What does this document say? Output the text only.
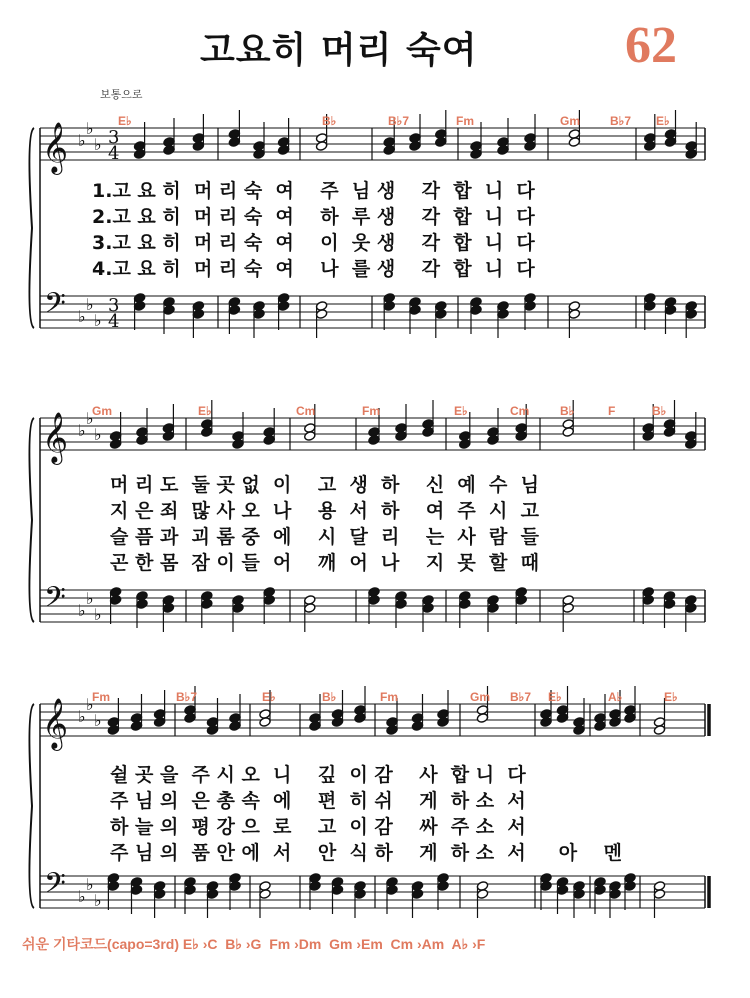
고요히 머리 숙여	62
보통으로
𝄞
𝄢
♭
♭
♭
♭
♭
♭
3
4
3
4
𝄞
𝄢
♭
♭
♭
♭
♭
♭
𝄞
𝄢
♭
♭
♭
♭
♭
♭
1.고 요 히  머 리 숙  여    주  님 생    각  합  니  다
2.고 요 히  머 리 숙  여    하  루 생    각  합  니  다
3.고 요 히  머 리 숙  여    이  웃 생    각  합  니  다
4.고 요 히  머 리 숙  여    나  를 생    각  합  니  다
머 리 도  둘 곳 없  이    고  생  하    신  예  수  님
지 은 죄  많 사 오  나    용  서  하    여  주  시  고
슬 픔 과  괴 롬 중  에    시  달  리    는  사  람  들
곤 한 몸  잠 이 들  어    깨  어  나    지  못  할  때
쉴 곳 을  주 시 오  니    깊  이 감    사  합 니  다
주 님 의  은 총 속  에    편  히 쉬    게  하 소  서
하 늘 의  평 강 으  로    고  이 감    싸  주 소  서
주 님 의  품 안 에  서    안  식 하    게  하 소  서     아    멘
쉬운 기타코드(capo=3rd) E♭ ›C  B♭ ›G  Fm ›Dm  Gm ›Em  Cm ›Am  A♭ ›F
E♭	B♭	B♭7	Fm	Gm B♭7 E♭
Gm	E♭	Cm	Fm	E♭	Cm	B♭	F	B♭
Fm	B♭7	E♭	B♭	Fm	Gm B♭7 E♭	A♭	E♭
